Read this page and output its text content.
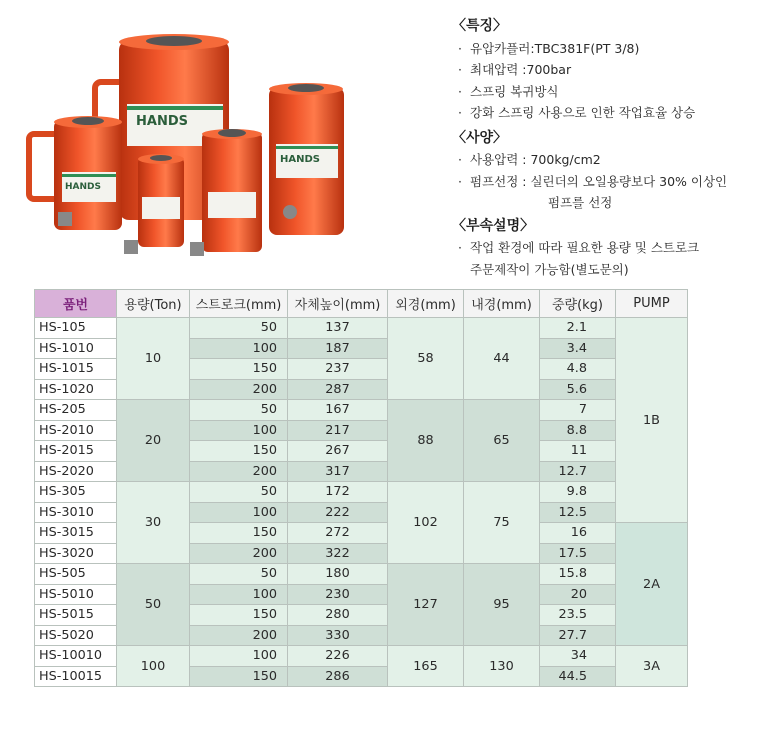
HANDS
HANDS
HANDS
〈특징〉
· 유압카플러:TBC381F(PT 3/8)
· 최대압력 :700bar
· 스프링 복귀방식
· 강화 스프링 사용으로 인한 작업효율 상승
〈사양〉
· 사용압력 : 700kg/cm2
· 펌프선정 : 실린더의 오일용량보다 30% 이상인
펌프를 선정
〈부속설명〉
· 작업 환경에 따라 필요한 용량 및 스트로크
주문제작이 가능함(별도문의)
품번	용량(Ton)	스트로크(mm)	자체높이(mm)	외경(mm)	내경(mm)	중량(kg)	PUMP
HS-105	10	50	137	58	44	2.1	1B
HS-1010		100	187			3.4	
HS-1015		150	237			4.8	
HS-1020		200	287			5.6	
HS-205	20	50	167	88	65	7	
HS-2010		100	217			8.8	
HS-2015		150	267			11	
HS-2020		200	317			12.7	
HS-305	30	50	172	102	75	9.8	
HS-3010		100	222			12.5	
HS-3015		150	272			16	2A
HS-3020		200	322			17.5	
HS-505	50	50	180	127	95	15.8	
HS-5010		100	230			20	
HS-5015		150	280			23.5	
HS-5020		200	330			27.7	
HS-10010	100	100	226	165	130	34	3A
HS-10015		150	286			44.5	
